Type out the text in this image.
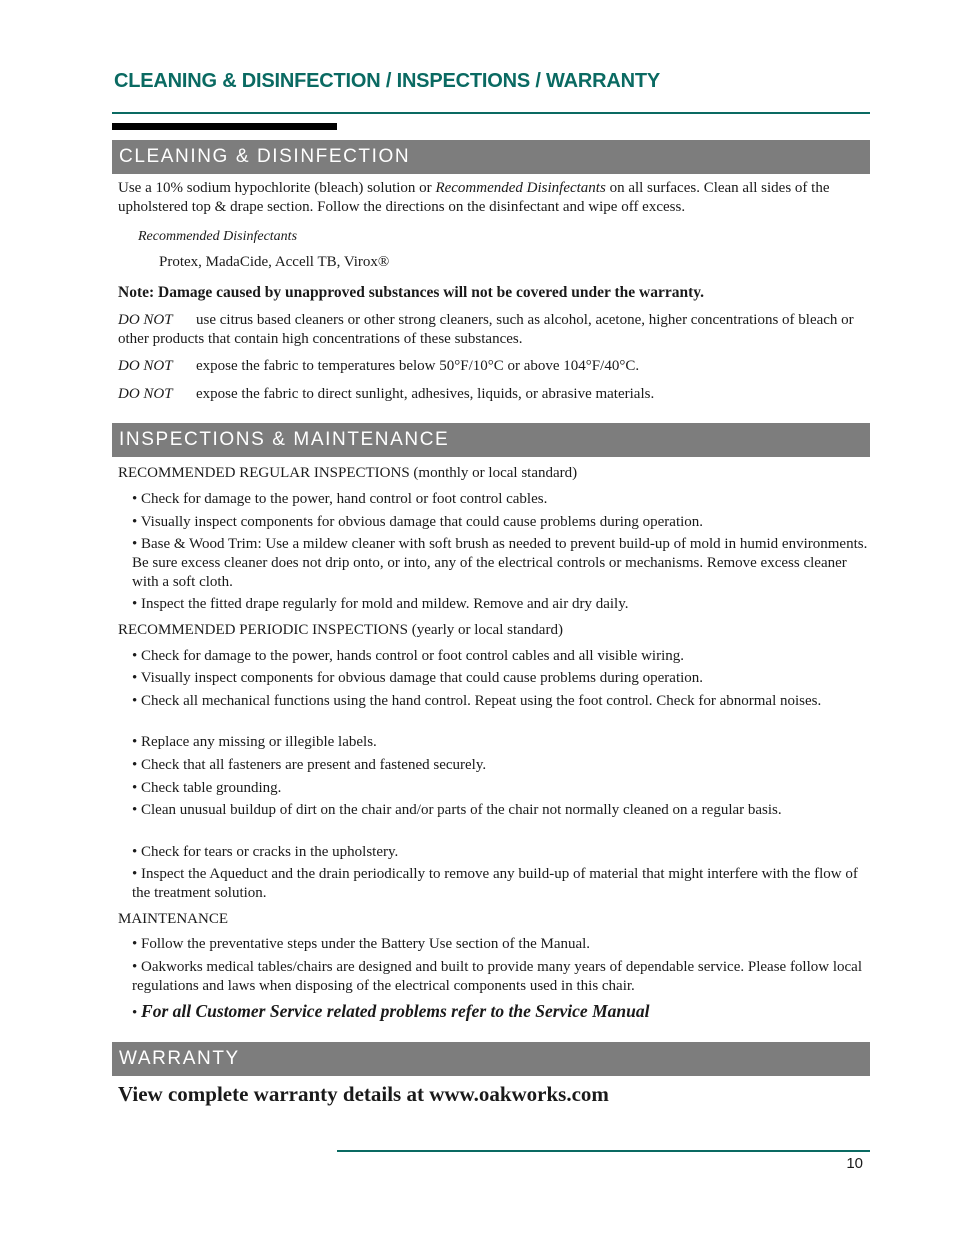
CLEANING & DISINFECTION / INSPECTIONS / WARRANTY
CLEANING & DISINFECTION
Use a 10% sodium hypochlorite (bleach) solution or Recommended Disinfectants on all surfaces. Clean all sides of the upholstered top & drape section. Follow the directions on the disinfectant and wipe off excess.
Recommended Disinfectants
Protex, MadaCide, Accell TB, Virox®
Note: Damage caused by unapproved substances will not be covered under the warranty.
DO NOT use citrus based cleaners or other strong cleaners, such as alcohol, acetone, higher concentrations of bleach or other products that contain high concentrations of these substances.
DO NOT expose the fabric to temperatures below 50°F/10°C or above 104°F/40°C.
DO NOT expose the fabric to direct sunlight, adhesives, liquids, or abrasive materials.
INSPECTIONS & MAINTENANCE
RECOMMENDED REGULAR INSPECTIONS (monthly or local standard)
• Check for damage to the power, hand control or foot control cables.
• Visually inspect components for obvious damage that could cause problems during operation.
• Base & Wood Trim: Use a mildew cleaner with soft brush as needed to prevent build-up of mold in humid environments. Be sure excess cleaner does not drip onto, or into, any of the electrical controls or mechanisms. Remove excess cleaner with a soft cloth.
• Inspect the fitted drape regularly for mold and mildew. Remove and air dry daily.
RECOMMENDED PERIODIC INSPECTIONS (yearly or local standard)
• Check for damage to the power, hands control or foot control cables and all visible wiring.
• Visually inspect components for obvious damage that could cause problems during operation.
• Check all mechanical functions using the hand control. Repeat using the foot control. Check for abnormal noises.
• Replace any missing or illegible labels.
• Check that all fasteners are present and fastened securely.
• Check table grounding.
• Clean unusual buildup of dirt on the chair and/or parts of the chair not normally cleaned on a regular basis.
• Check for tears or cracks in the upholstery.
• Inspect the Aqueduct and the drain periodically to remove any build-up of material that might interfere with the flow of the treatment solution.
MAINTENANCE
• Follow the preventative steps under the Battery Use section of the Manual.
• Oakworks medical tables/chairs are designed and built to provide many years of dependable service. Please follow local regulations and laws when disposing of the electrical components used in this chair.
• For all Customer Service related problems refer to the Service Manual
WARRANTY
View complete warranty details at www.oakworks.com
10
